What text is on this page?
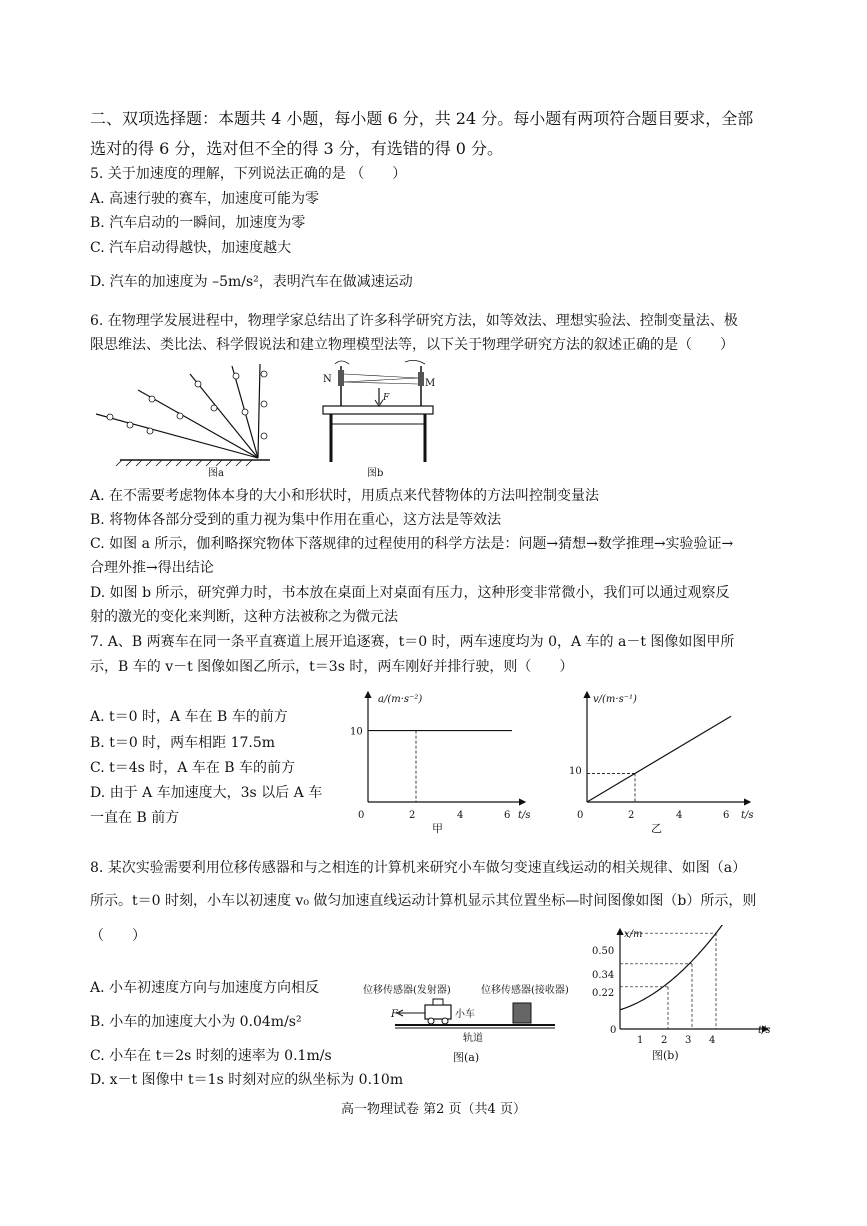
二、双项选择题：本题共 4 小题，每小题 6 分，共 24 分。每小题有两项符合题目要求，全部
选对的得 6 分，选对但不全的得 3 分，有选错的得 0 分。
5. 关于加速度的理解，下列说法正确的是 （　　）
A. 高速行驶的赛车，加速度可能为零
B. 汽车启动的一瞬间，加速度为零
C. 汽车启动得越快，加速度越大
D. 汽车的加速度为 –5m/s²，表明汽车在做减速运动
6. 在物理学发展进程中，物理学家总结出了许多科学研究方法，如等效法、理想实验法、控制变量法、极
限思维法、类比法、科学假说法和建立物理模型法等，以下关于物理学研究方法的叙述正确的是（　　）
图a
N	M
F
图b
A. 在不需要考虑物体本身的大小和形状时，用质点来代替物体的方法叫控制变量法
B. 将物体各部分受到的重力视为集中作用在重心，这方法是等效法
C. 如图 a 所示，伽利略探究物体下落规律的过程使用的科学方法是：问题→猜想→数学推理→实验验证→
合理外推→得出结论
D. 如图 b 所示，研究弹力时，书本放在桌面上对桌面有压力，这种形变非常微小，我们可以通过观察反
射的激光的变化来判断，这种方法被称之为微元法
7. A、B 两赛车在同一条平直赛道上展开追逐赛，t＝0 时，两车速度均为 0，A 车的 a－t 图像如图甲所
示，B 车的 v－t 图像如图乙所示，t＝3s 时，两车刚好并排行驶，则（　　）
A. t＝0 时，A 车在 B 车的前方
B. t＝0 时，两车相距 17.5m
C. t＝4s 时，A 车在 B 车的前方
D. 由于 A 车加速度大，3s 以后 A 车
一直在 B 前方
a/(m·s⁻²)
t/s
10
0	2	4	6
甲
v/(m·s⁻¹)
t/s
10
0	2	4	6
乙
8. 某次实验需要利用位移传感器和与之相连的计算机来研究小车做匀变速直线运动的相关规律、如图（a）
所示。t＝0 时刻，小车以初速度 v₀ 做匀加速直线运动计算机显示其位置坐标—时间图像如图（b）所示，则
（　　）
A. 小车初速度方向与加速度方向相反
B. 小车的加速度大小为 0.04m/s²
C. 小车在 t＝2s 时刻的速率为 0.1m/s
D. x－t 图像中 t＝1s 时刻对应的纵坐标为 0.10m
位移传感器(发射器)	位移传感器(接收器)
小车
F
轨道
图(a)
x/m
t/s
0.50
0.34
0.22
0
1 2 3 4
图(b)
高一物理试卷 第2 页（共4 页）
